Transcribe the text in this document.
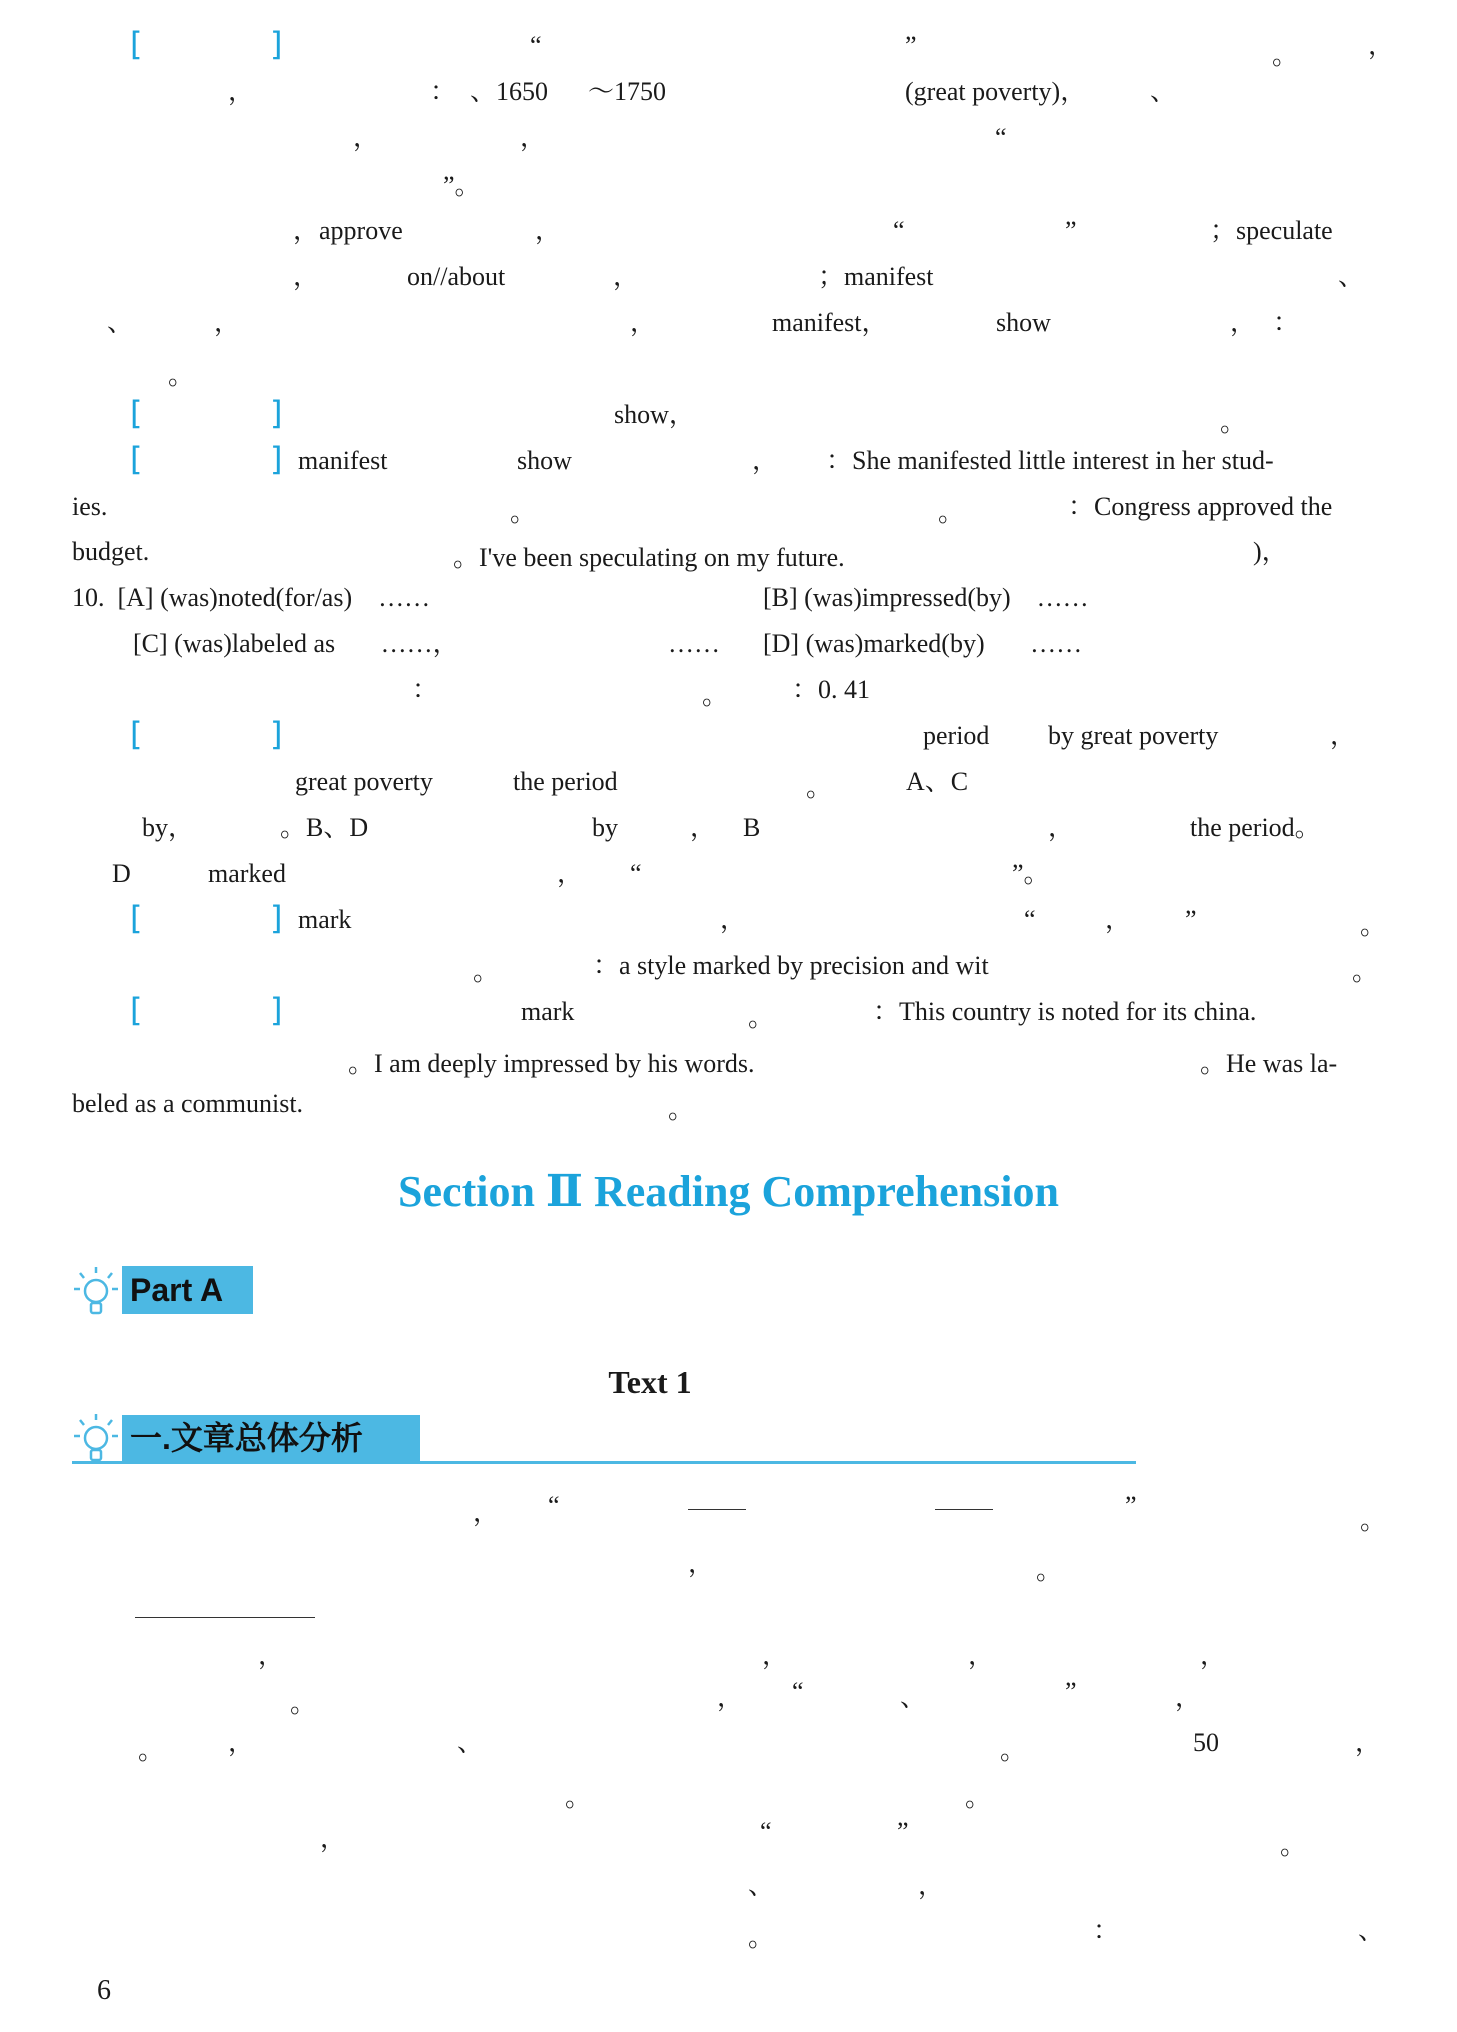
“	”	。	，
，	： 、1650 ～1750	(great poverty)， 、
，	，	“
”。
，approve	，	“	”	；speculate
，	on//about	，	；manifest	、
、	，	，	manifest，	show	， ：
。
show，	。
manifest	show	， ：She manifested little interest in her stud-
ies.	。	。	：Congress approved the
budget.	。I've been speculating on my future.	)，
10.  [A] (was)noted(for/as)    ……	[B] (was)impressed(by)    ……
[C] (was)labeled as       ……，	…… [D] (was)marked(by)       ……
：	。 ：0. 41
period by great poverty	，
great poverty	the period	。	A、C
by，	。B、D	by	， B	，	the period。
D	marked	， “	”。
mark	，	“	， ”	。
。	：a style marked by precision and wit	。
mark	。	：This country is noted for its china.
。I am deeply impressed by his words.	。He was la-
beled as a communist.	。
， “	”
。
，	。
，	，	，	，
。	， “	、	”	，
。 ，	、	。	50	，
。	。
，	“	”	。
、	，
。	：	、
[	]
[	]
[	]
[	]
[	]
[	]
Section Ⅱ Reading Comprehension
Part A
Text 1
一.文章总体分析
6
